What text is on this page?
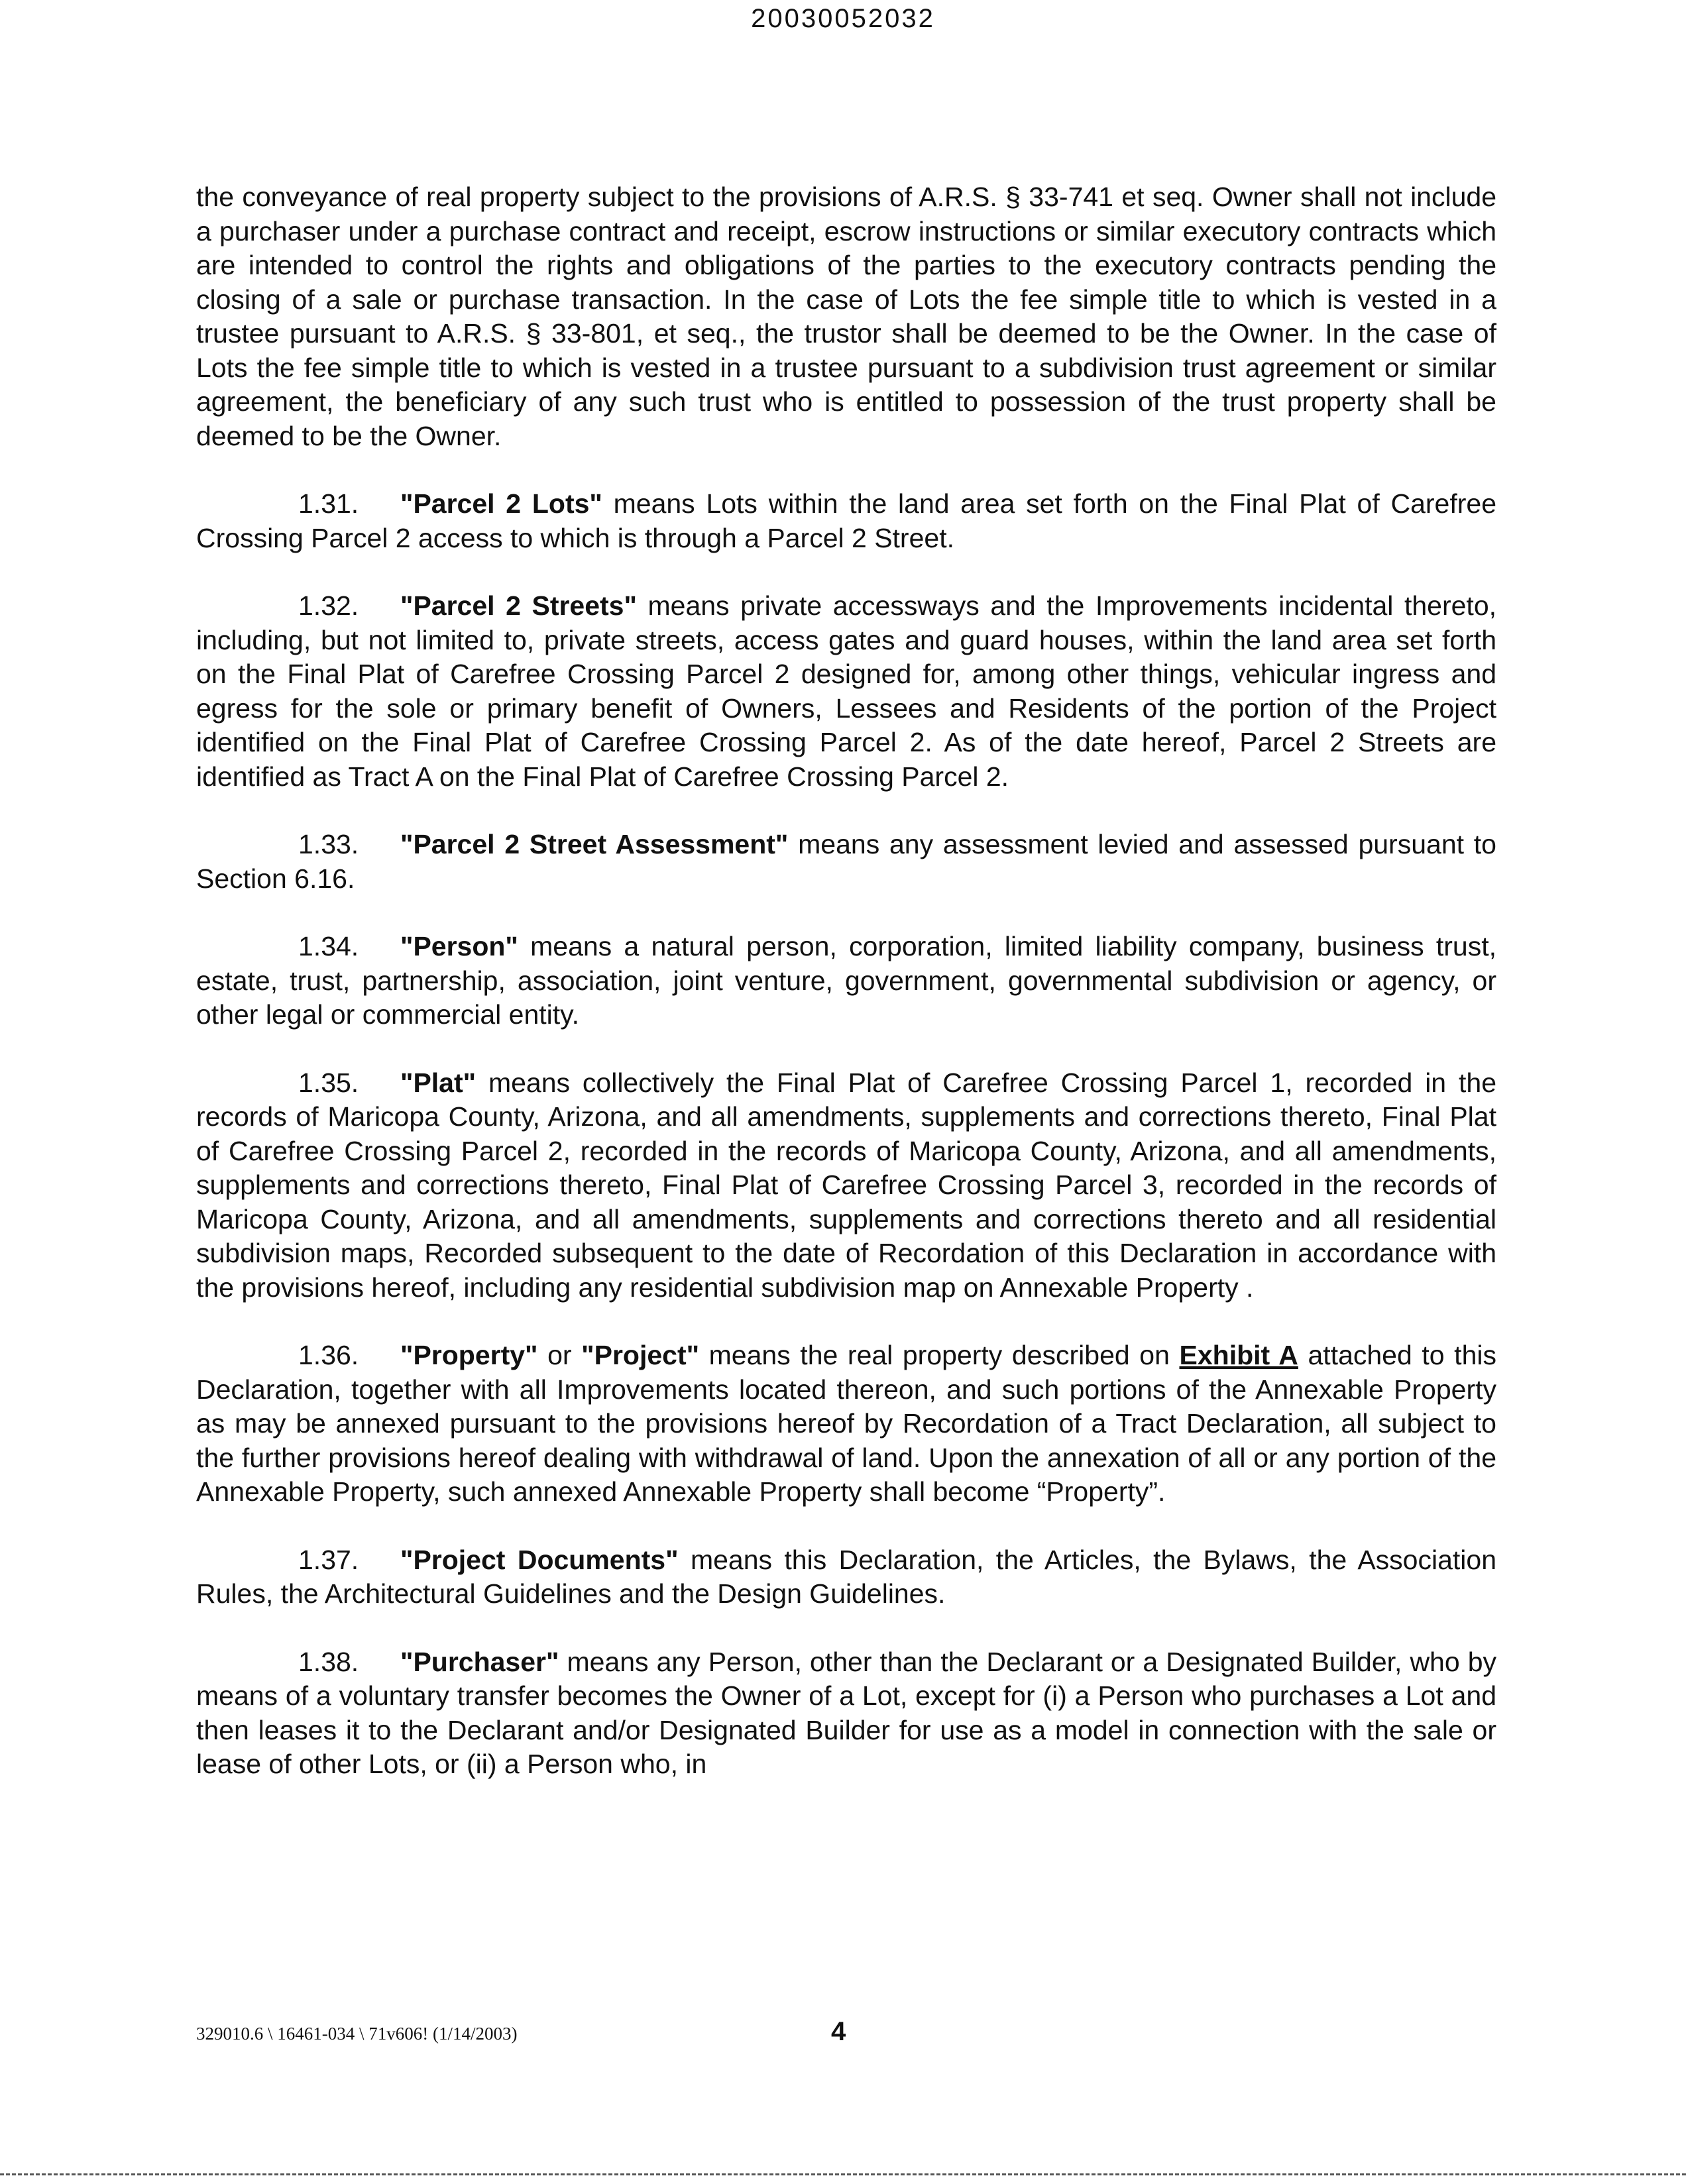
20030052032

the conveyance of real property subject to the provisions of A.R.S. § 33-741 et seq. Owner shall not include a purchaser under a purchase contract and receipt, escrow instructions or similar executory contracts which are intended to control the rights and obligations of the parties to the executory contracts pending the closing of a sale or purchase transaction. In the case of Lots the fee simple title to which is vested in a trustee pursuant to A.R.S. § 33-801, et seq., the trustor shall be deemed to be the Owner. In the case of Lots the fee simple title to which is vested in a trustee pursuant to a subdivision trust agreement or similar agreement, the beneficiary of any such trust who is entitled to possession of the trust property shall be deemed to be the Owner.

1.31. "Parcel 2 Lots" means Lots within the land area set forth on the Final Plat of Carefree Crossing Parcel 2 access to which is through a Parcel 2 Street.

1.32. "Parcel 2 Streets" means private accessways and the Improvements incidental thereto, including, but not limited to, private streets, access gates and guard houses, within the land area set forth on the Final Plat of Carefree Crossing Parcel 2 designed for, among other things, vehicular ingress and egress for the sole or primary benefit of Owners, Lessees and Residents of the portion of the Project identified on the Final Plat of Carefree Crossing Parcel 2. As of the date hereof, Parcel 2 Streets are identified as Tract A on the Final Plat of Carefree Crossing Parcel 2.

1.33. "Parcel 2 Street Assessment" means any assessment levied and assessed pursuant to Section 6.16.

1.34. "Person" means a natural person, corporation, limited liability company, business trust, estate, trust, partnership, association, joint venture, government, governmental subdivision or agency, or other legal or commercial entity.

1.35. "Plat" means collectively the Final Plat of Carefree Crossing Parcel 1, recorded in the records of Maricopa County, Arizona, and all amendments, supplements and corrections thereto, Final Plat of Carefree Crossing Parcel 2, recorded in the records of Maricopa County, Arizona, and all amendments, supplements and corrections thereto, Final Plat of Carefree Crossing Parcel 3, recorded in the records of Maricopa County, Arizona, and all amendments, supplements and corrections thereto and all residential subdivision maps, Recorded subsequent to the date of Recordation of this Declaration in accordance with the provisions hereof, including any residential subdivision map on Annexable Property .

1.36. "Property" or "Project" means the real property described on Exhibit A attached to this Declaration, together with all Improvements located thereon, and such portions of the Annexable Property as may be annexed pursuant to the provisions hereof by Recordation of a Tract Declaration, all subject to the further provisions hereof dealing with withdrawal of land. Upon the annexation of all or any portion of the Annexable Property, such annexed Annexable Property shall become “Property”.

1.37. "Project Documents" means this Declaration, the Articles, the Bylaws, the Association Rules, the Architectural Guidelines and the Design Guidelines.

1.38. "Purchaser" means any Person, other than the Declarant or a Designated Builder, who by means of a voluntary transfer becomes the Owner of a Lot, except for (i) a Person who purchases a Lot and then leases it to the Declarant and/or Designated Builder for use as a model in connection with the sale or lease of other Lots, or (ii) a Person who, in

329010.6 \ 16461-034 \ 71v606! (1/14/2003)	4
